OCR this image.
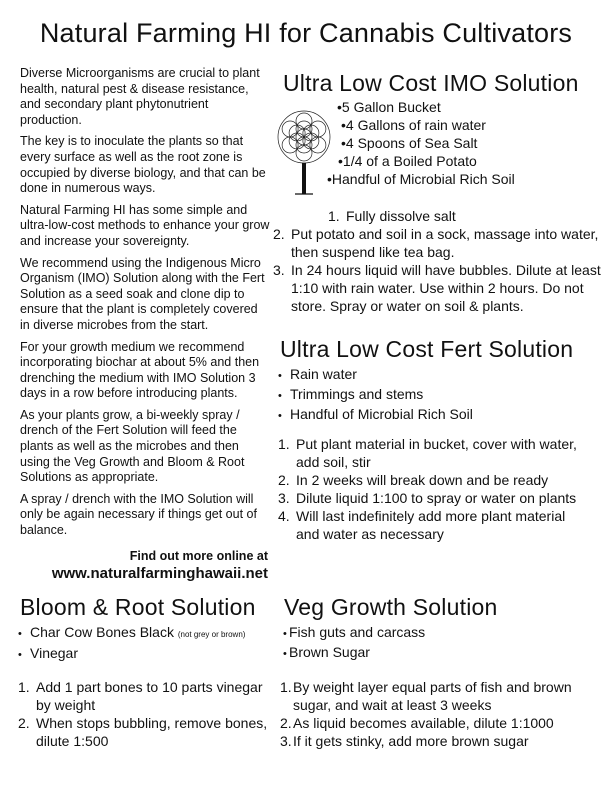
Natural Farming HI for Cannabis Cultivators

Diverse Microorganisms are crucial to plant health, natural pest & disease resistance, and secondary plant phytonutrient production.

The key is to inoculate the plants so that every surface as well as the root zone is occupied by diverse biology, and that can be done in numerous ways.

Natural Farming HI has some simple and ultra-low-cost methods to enhance your grow and increase your sovereignty.

We recommend using the Indigenous Micro Organism (IMO) Solution along with the Fert Solution as a seed soak and clone dip to ensure that the plant is completely covered in diverse microbes from the start.

For your growth medium we recommend incorporating biochar at about 5% and then drenching the medium with IMO Solution 3 days in a row before introducing plants.

As your plants grow, a bi-weekly spray / drench of the Fert Solution will feed the plants as well as the microbes and then using the Veg Growth and Bloom & Root Solutions as appropriate.

A spray / drench with the IMO Solution will only be again necessary if things get out of balance.

Find out more online at
www.naturalfarminghawaii.net
Ultra Low Cost IMO Solution
•5 Gallon Bucket
•4 Gallons of rain water
•4 Spoons of Sea Salt
•1/4 of a Boiled Potato
•Handful of Microbial Rich Soil
1. Fully dissolve salt
2. Put potato and soil in a sock, massage into water, then suspend like tea bag.
3. In 24 hours liquid will have bubbles. Dilute at least 1:10 with rain water. Use within 2 hours. Do not store. Spray or water on soil & plants.
Ultra Low Cost Fert Solution
• Rain water
• Trimmings and stems
• Handful of Microbial Rich Soil
1. Put plant material in bucket, cover with water, add soil, stir
2. In 2 weeks will break down and be ready
3. Dilute liquid 1:100 to spray or water on plants
4. Will last indefinitely add more plant material and water as necessary
Bloom & Root Solution
• Char Cow Bones Black (not grey or brown)
• Vinegar
1. Add 1 part bones to 10 parts vinegar by weight
2. When stops bubbling, remove bones, dilute 1:500
Veg Growth Solution
• Fish guts and carcass
• Brown Sugar
1. By weight layer equal parts of fish and brown sugar, and wait at least 3 weeks
2. As liquid becomes available, dilute 1:1000
3. If it gets stinky, add more brown sugar
